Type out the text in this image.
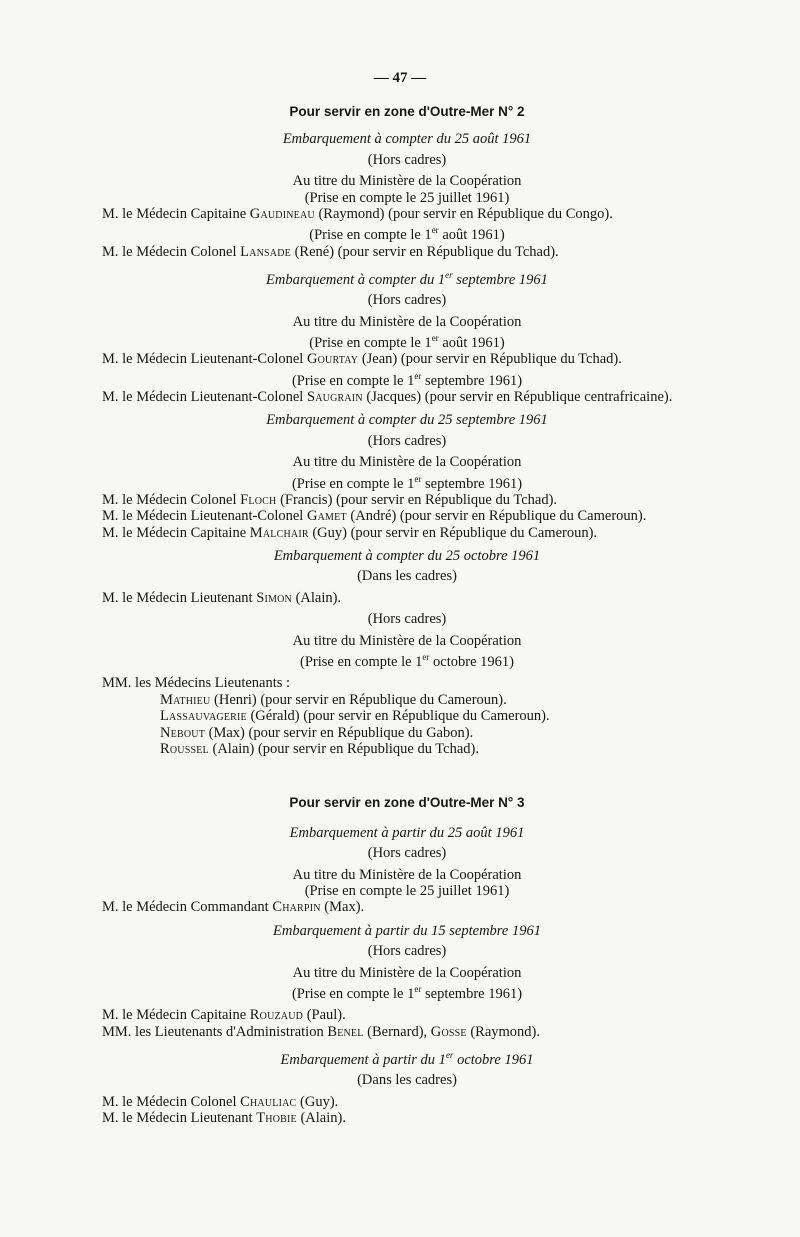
— 47 —
Pour servir en zone d'Outre-Mer N° 2
Embarquement à compter du 25 août 1961
(Hors cadres)
Au titre du Ministère de la Coopération
(Prise en compte le 25 juillet 1961)
M. le Médecin Capitaine Gaudineau (Raymond) (pour servir en République du Congo).
(Prise en compte le 1er août 1961)
M. le Médecin Colonel Lansade (René) (pour servir en République du Tchad).
Embarquement à compter du 1er septembre 1961
(Hors cadres)
Au titre du Ministère de la Coopération
(Prise en compte le 1er août 1961)
M. le Médecin Lieutenant-Colonel Gourtay (Jean) (pour servir en République du Tchad).
(Prise en compte le 1er septembre 1961)
M. le Médecin Lieutenant-Colonel Saugrain (Jacques) (pour servir en République centrafricaine).
Embarquement à compter du 25 septembre 1961
(Hors cadres)
Au titre du Ministère de la Coopération
(Prise en compte le 1er septembre 1961)
M. le Médecin Colonel Floch (Francis) (pour servir en République du Tchad).
M. le Médecin Lieutenant-Colonel Gamet (André) (pour servir en République du Cameroun).
M. le Médecin Capitaine Malchair (Guy) (pour servir en République du Cameroun).
Embarquement à compter du 25 octobre 1961
(Dans les cadres)
M. le Médecin Lieutenant Simon (Alain).
(Hors cadres)
Au titre du Ministère de la Coopération
(Prise en compte le 1er octobre 1961)
MM. les Médecins Lieutenants :
Mathieu (Henri) (pour servir en République du Cameroun).
Lassauvagerie (Gérald) (pour servir en République du Cameroun).
Nebout (Max) (pour servir en République du Gabon).
Roussel (Alain) (pour servir en République du Tchad).
Pour servir en zone d'Outre-Mer N° 3
Embarquement à partir du 25 août 1961
(Hors cadres)
Au titre du Ministère de la Coopération
(Prise en compte le 25 juillet 1961)
M. le Médecin Commandant Charpin (Max).
Embarquement à partir du 15 septembre 1961
(Hors cadres)
Au titre du Ministère de la Coopération
(Prise en compte le 1er septembre 1961)
M. le Médecin Capitaine Rouzaud (Paul).
MM. les Lieutenants d'Administration Benel (Bernard), Gosse (Raymond).
Embarquement à partir du 1er octobre 1961
(Dans les cadres)
M. le Médecin Colonel Chauliac (Guy).
M. le Médecin Lieutenant Thobie (Alain).
